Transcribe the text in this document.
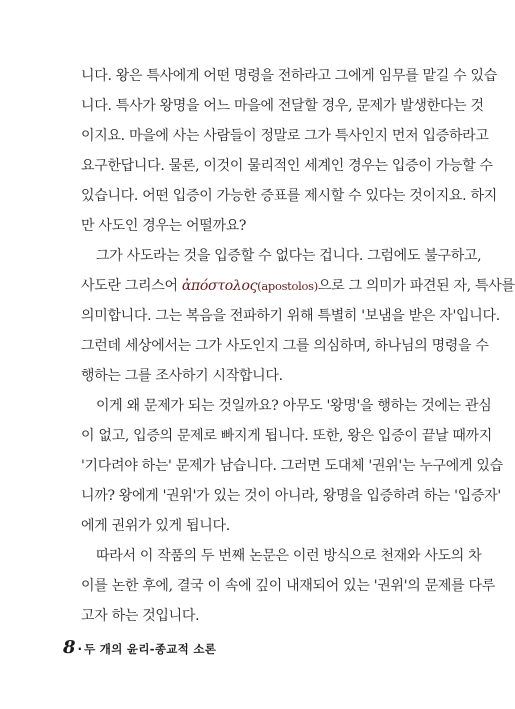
니다. 왕은 특사에게 어떤 명령을 전하라고 그에게 임무를 맡길 수 있습
니다. 특사가 왕명을 어느 마을에 전달할 경우, 문제가 발생한다는 것
이지요. 마을에 사는 사람들이 정말로 그가 특사인지 먼저 입증하라고
요구한답니다. 물론, 이것이 물리적인 세계인 경우는 입증이 가능할 수
있습니다. 어떤 입증이 가능한 증표를 제시할 수 있다는 것이지요. 하지
만 사도인 경우는 어떨까요?
그가 사도라는 것을 입증할 수 없다는 겁니다. 그럼에도 불구하고,
사도란 그리스어 ἀπόστολος(apostolos)으로 그 의미가 파견된 자, 특사를
의미합니다. 그는 복음을 전파하기 위해 특별히 '보냄을 받은 자'입니다.
그런데 세상에서는 그가 사도인지 그를 의심하며, 하나님의 명령을 수
행하는 그를 조사하기 시작합니다.
이게 왜 문제가 되는 것일까요? 아무도 '왕명'을 행하는 것에는 관심
이 없고, 입증의 문제로 빠지게 됩니다. 또한, 왕은 입증이 끝날 때까지
'기다려야 하는' 문제가 남습니다. 그러면 도대체 '권위'는 누구에게 있습
니까? 왕에게 '권위'가 있는 것이 아니라, 왕명을 입증하려 하는 '입증자'
에게 권위가 있게 됩니다.
따라서 이 작품의 두 번째 논문은 이런 방식으로 천재와 사도의 차
이를 논한 후에, 결국 이 속에 깊이 내재되어 있는 '권위'의 문제를 다루
고자 하는 것입니다.
8 · 두 개의 윤리-종교적 소론
